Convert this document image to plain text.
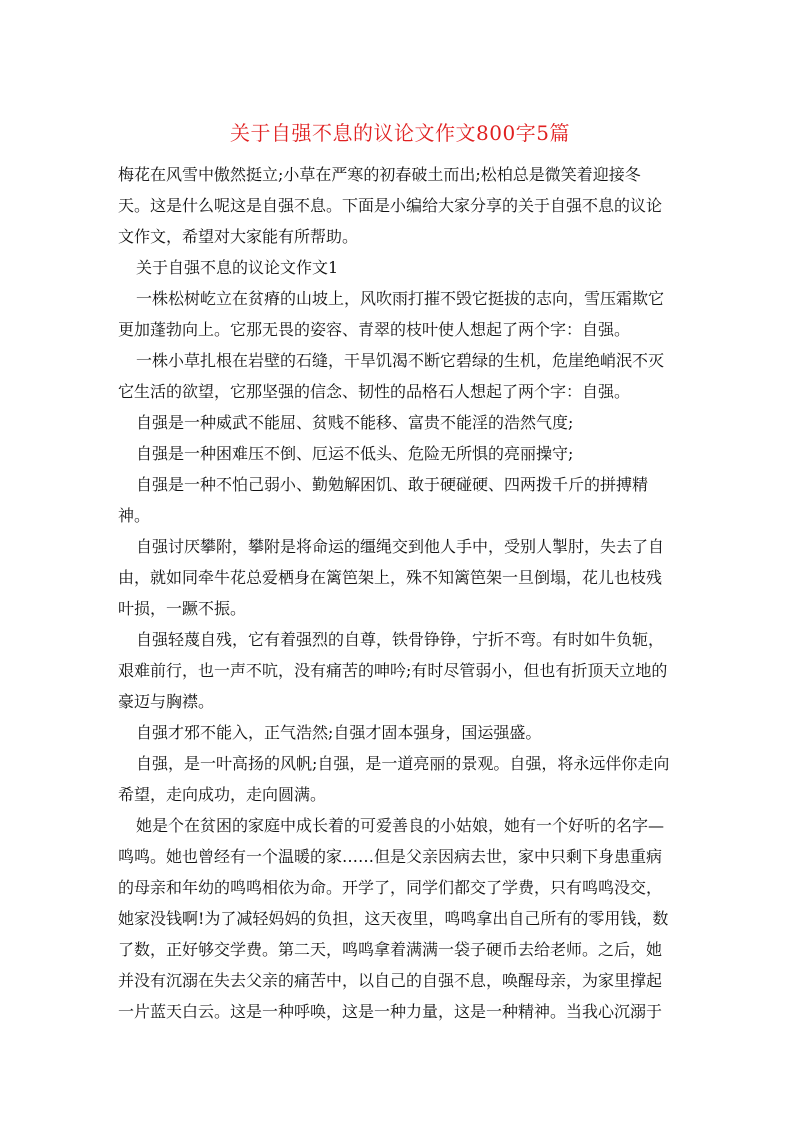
关于自强不息的议论文作文800字5篇
梅花在风雪中傲然挺立;小草在严寒的初春破土而出;松柏总是微笑着迎接冬
天。这是什么呢这是自强不息。下面是小编给大家分享的关于自强不息的议论
文作文，希望对大家能有所帮助。
关于自强不息的议论文作文1
一株松树屹立在贫瘠的山坡上，风吹雨打摧不毁它挺拔的志向，雪压霜欺它
更加蓬勃向上。它那无畏的姿容、青翠的枝叶使人想起了两个字：自强。
一株小草扎根在岩壁的石缝，干旱饥渴不断它碧绿的生机，危崖绝峭泯不灭
它生活的欲望，它那坚强的信念、韧性的品格石人想起了两个字：自强。
自强是一种威武不能屈、贫贱不能移、富贵不能淫的浩然气度;
自强是一种困难压不倒、厄运不低头、危险无所惧的亮丽操守;
自强是一种不怕己弱小、勤勉解困饥、敢于硬碰硬、四两拨千斤的拼搏精
神。
自强讨厌攀附，攀附是将命运的缰绳交到他人手中，受别人掣肘，失去了自
由，就如同牵牛花总爱栖身在篱笆架上，殊不知篱笆架一旦倒塌，花儿也枝残
叶损，一蹶不振。
自强轻蔑自残，它有着强烈的自尊，铁骨铮铮，宁折不弯。有时如牛负轭，
艰难前行，也一声不吭，没有痛苦的呻吟;有时尽管弱小，但也有折顶天立地的
豪迈与胸襟。
自强才邪不能入，正气浩然;自强才固本强身，国运强盛。
自强，是一叶高扬的风帆;自强，是一道亮丽的景观。自强，将永远伴你走向
希望，走向成功，走向圆满。
她是个在贫困的家庭中成长着的可爱善良的小姑娘，她有一个好听的名字—
鸣鸣。她也曾经有一个温暖的家……但是父亲因病去世，家中只剩下身患重病
的母亲和年幼的鸣鸣相依为命。开学了，同学们都交了学费，只有鸣鸣没交，
她家没钱啊!为了减轻妈妈的负担，这天夜里，鸣鸣拿出自己所有的零用钱，数
了数，正好够交学费。第二天，鸣鸣拿着满满一袋子硬币去给老师。之后，她
并没有沉溺在失去父亲的痛苦中，以自己的自强不息，唤醒母亲，为家里撑起
一片蓝天白云。这是一种呼唤，这是一种力量，这是一种精神。当我心沉溺于
